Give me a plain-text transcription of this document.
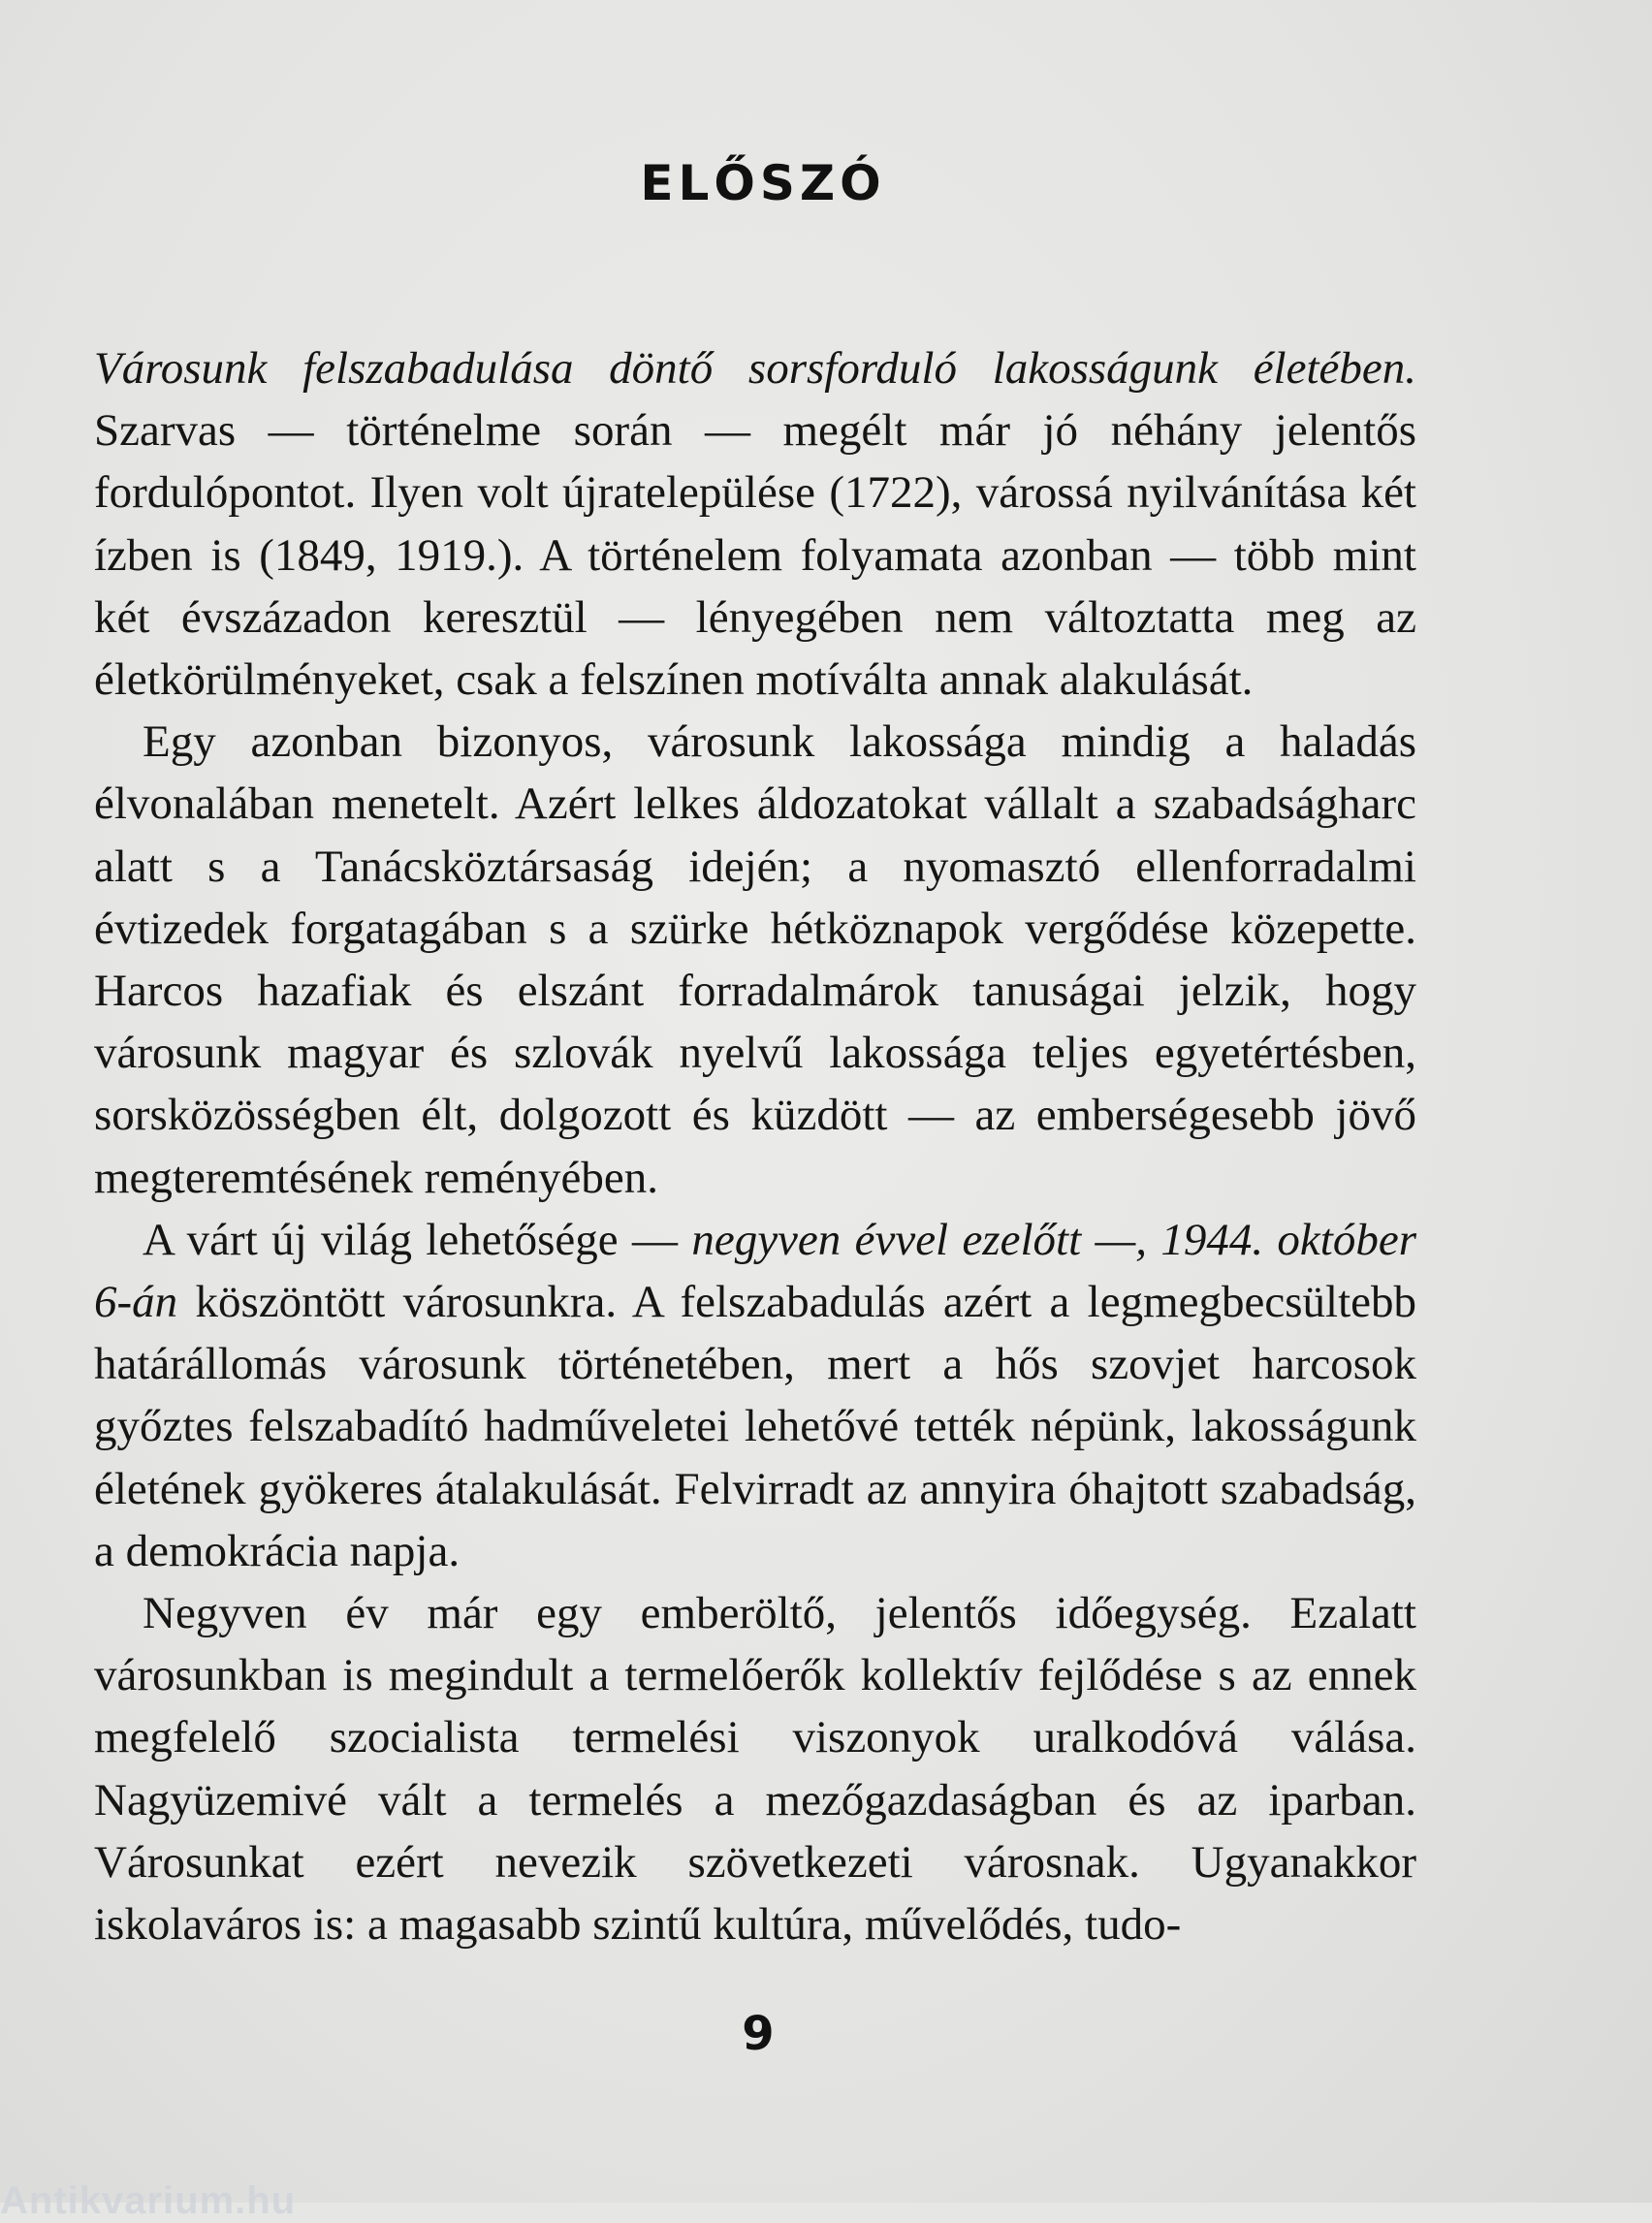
ELŐSZÓ

Városunk felszabadulása döntő sorsforduló lakosságunk életében. Szarvas — történelme során — megélt már jó néhány jelentős fordulópontot. Ilyen volt újratelepülése (1722), várossá nyilvánítása két ízben is (1849, 1919.). A történelem folyamata azonban — több mint két évszázadon keresztül — lényegében nem változtatta meg az életkörülményeket, csak a felszínen motíválta annak alakulását.

Egy azonban bizonyos, városunk lakossága mindig a haladás élvonalában menetelt. Azért lelkes áldozatokat vállalt a szabadságharc alatt s a Tanácsköztársaság idején; a nyomasztó ellenforradalmi évtizedek forgatagában s a szürke hétköznapok vergődése közepette. Harcos hazafiak és elszánt forradalmárok tanuságai jelzik, hogy városunk magyar és szlovák nyelvű lakossága teljes egyetértésben, sorsközösségben élt, dolgozott és küzdött — az emberségesebb jövő megteremtésének reményében.

A várt új világ lehetősége — negyven évvel ezelőtt —, 1944. október 6-án köszöntött városunkra. A felszabadulás azért a legmegbecsültebb határállomás városunk történetében, mert a hős szovjet harcosok győztes felszabadító hadműveletei lehetővé tették népünk, lakosságunk életének gyökeres átalakulását. Felvirradt az annyira óhajtott szabadság, a demokrácia napja.

Negyven év már egy emberöltő, jelentős időegység. Ezalatt városunkban is megindult a termelőerők kollektív fejlődése s az ennek megfelelő szocialista termelési viszonyok uralkodóvá válása. Nagyüzemivé vált a termelés a mezőgazdaságban és az iparban. Városunkat ezért nevezik szövetkezeti városnak. Ugyanakkor iskolaváros is: a magasabb szintű kultúra, művelődés, tudo-

9
Antikvarium.hu
